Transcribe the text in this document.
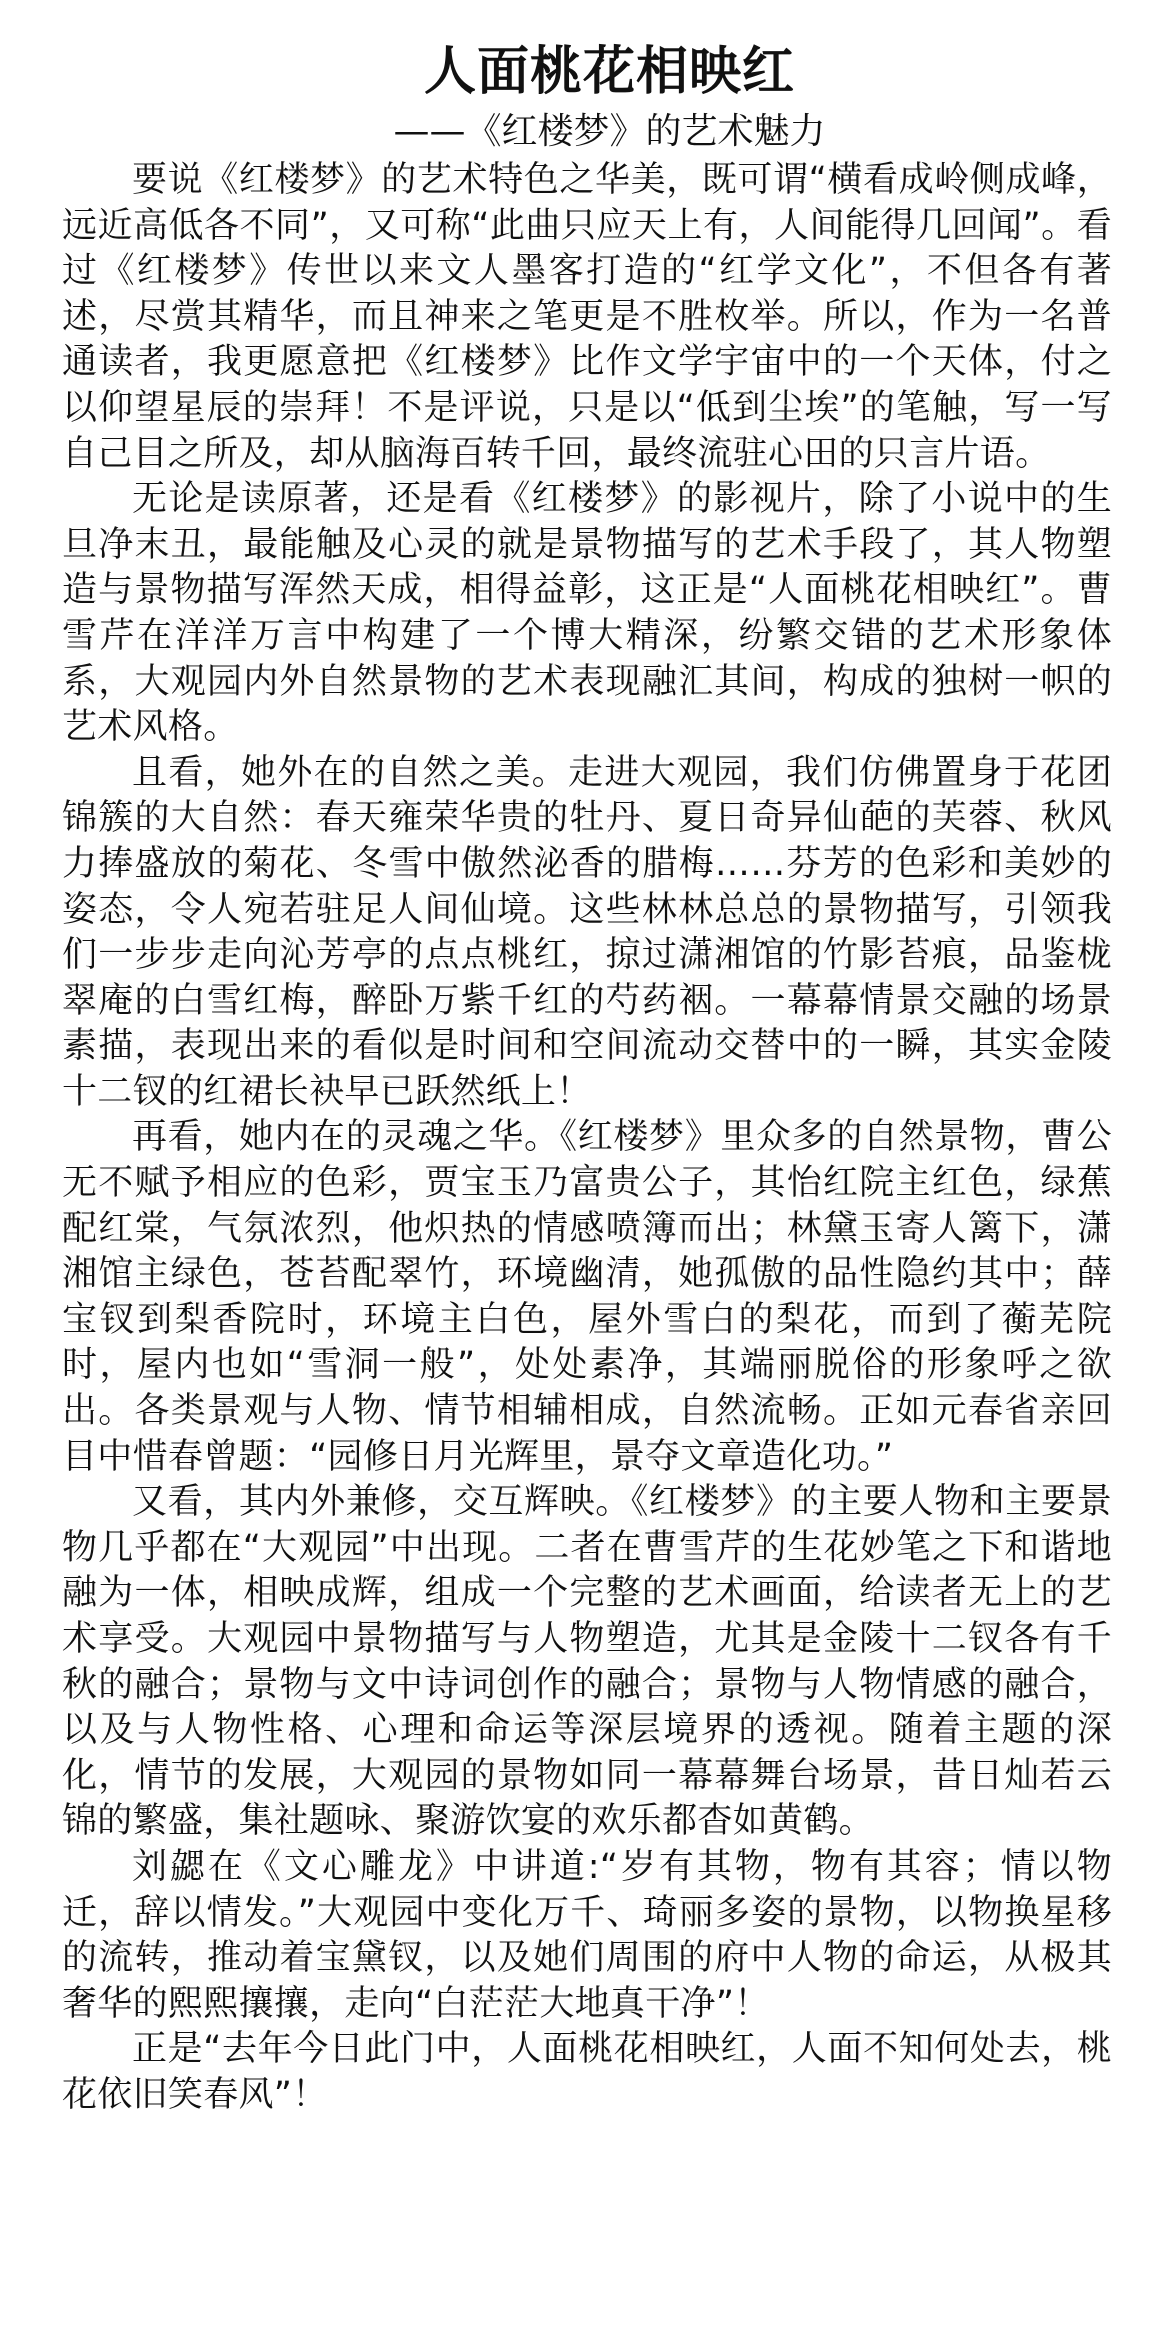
人面桃花相映红
——《红楼梦》的艺术魅力

要说《红楼梦》的艺术特色之华美，既可谓“横看成岭侧成峰，远近高低各不同”，又可称“此曲只应天上有，人间能得几回闻”。看过《红楼梦》传世以来文人墨客打造的“红学文化”，不但各有著述，尽赏其精华，而且神来之笔更是不胜枚举。所以，作为一名普通读者，我更愿意把《红楼梦》比作文学宇宙中的一个天体，付之以仰望星辰的崇拜！不是评说，只是以“低到尘埃”的笔触，写一写自己目之所及，却从脑海百转千回，最终流驻心田的只言片语。

无论是读原著，还是看《红楼梦》的影视片，除了小说中的生旦净末丑，最能触及心灵的就是景物描写的艺术手段了，其人物塑造与景物描写浑然天成，相得益彰，这正是“人面桃花相映红”。曹雪芹在洋洋万言中构建了一个博大精深，纷繁交错的艺术形象体系，大观园内外自然景物的艺术表现融汇其间，构成的独树一帜的艺术风格。

且看，她外在的自然之美。走进大观园，我们仿佛置身于花团锦簇的大自然：春天雍荣华贵的牡丹、夏日奇异仙葩的芙蓉、秋风力捧盛放的菊花、冬雪中傲然泌香的腊梅……芬芳的色彩和美妙的姿态，令人宛若驻足人间仙境。这些林林总总的景物描写，引领我们一步步走向沁芳亭的点点桃红，掠过潇湘馆的竹影苔痕，品鉴栊翠庵的白雪红梅，醉卧万紫千红的芍药裀。一幕幕情景交融的场景素描，表现出来的看似是时间和空间流动交替中的一瞬，其实金陵十二钗的红裙长袂早已跃然纸上！

再看，她内在的灵魂之华。《红楼梦》里众多的自然景物，曹公无不赋予相应的色彩，贾宝玉乃富贵公子，其怡红院主红色，绿蕉配红棠，气氛浓烈，他炽热的情感喷簿而出；林黛玉寄人篱下，潇湘馆主绿色，苍苔配翠竹，环境幽清，她孤傲的品性隐约其中；薛宝钗到梨香院时，环境主白色，屋外雪白的梨花，而到了蘅芜院时，屋内也如“雪洞一般”，处处素净，其端丽脱俗的形象呼之欲出。各类景观与人物、情节相辅相成，自然流畅。正如元春省亲回目中惜春曾题：“园修日月光辉里，景夺文章造化功。”

又看，其内外兼修，交互辉映。《红楼梦》的主要人物和主要景物几乎都在“大观园”中出现。二者在曹雪芹的生花妙笔之下和谐地融为一体，相映成辉，组成一个完整的艺术画面，给读者无上的艺术享受。大观园中景物描写与人物塑造，尤其是金陵十二钗各有千秋的融合；景物与文中诗词创作的融合；景物与人物情感的融合，以及与人物性格、心理和命运等深层境界的透视。随着主题的深化，情节的发展，大观园的景物如同一幕幕舞台场景，昔日灿若云锦的繁盛，集社题咏、聚游饮宴的欢乐都杳如黄鹤。

刘勰在《文心雕龙》中讲道:“岁有其物，物有其容；情以物迁，辞以情发。”大观园中变化万千、琦丽多姿的景物，以物换星移的流转，推动着宝黛钗，以及她们周围的府中人物的命运，从极其奢华的熙熙攘攘，走向“白茫茫大地真干净”！

正是“去年今日此门中，人面桃花相映红，人面不知何处去，桃花依旧笑春风”！
